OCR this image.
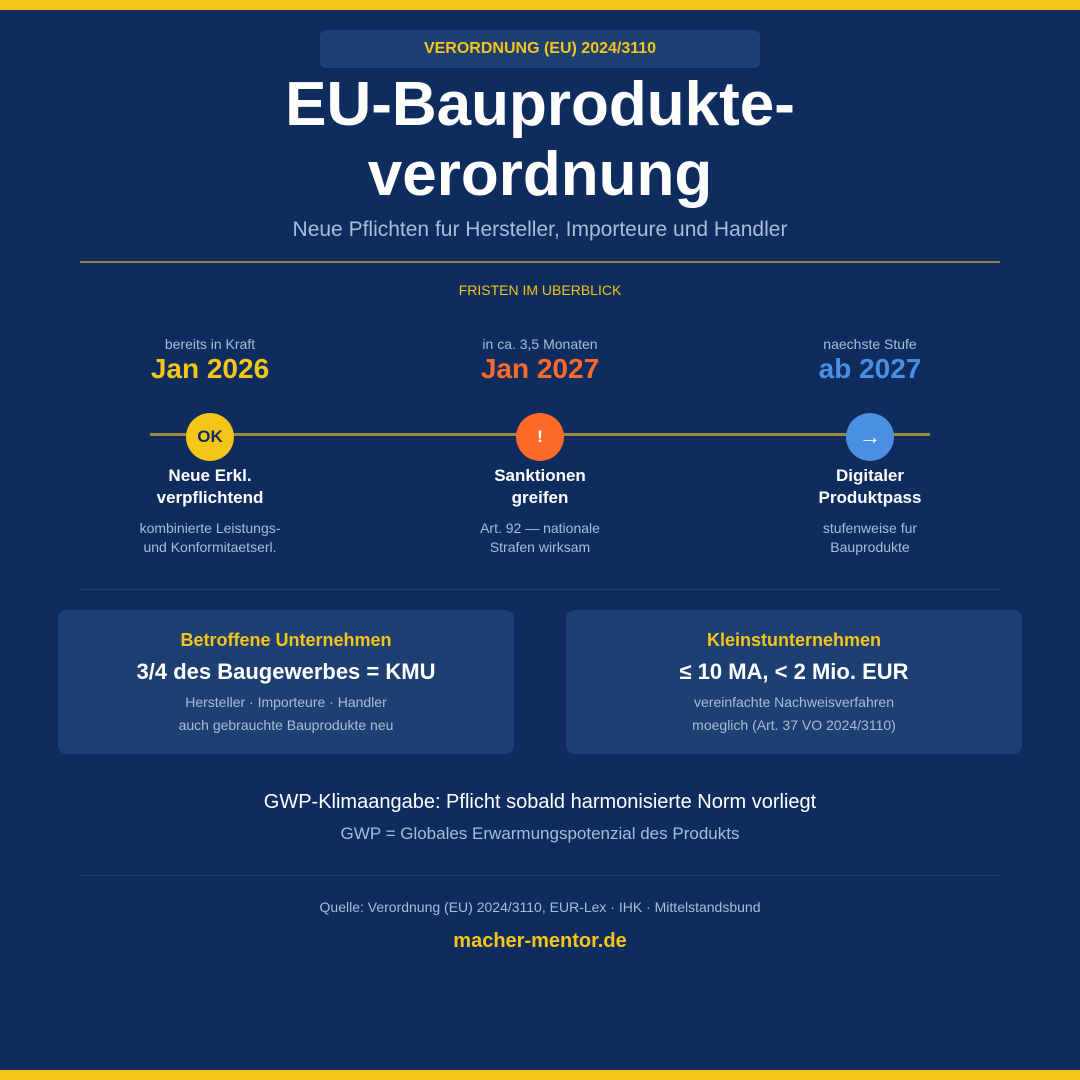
VERORDNUNG (EU) 2024/3110
EU-Bauprodukte-
verordnung
Neue Pflichten fur Hersteller, Importeure und Handler
FRISTEN IM UBERBLICK
bereits in Kraft
Jan 2026
OK
Neue Erkl.
verpflichtend
kombinierte Leistungs-
und Konformitaetserl.
in ca. 3,5 Monaten
Jan 2027
!
Sanktionen
greifen
Art. 92 — nationale
Strafen wirksam
naechste Stufe
ab 2027
→
Digitaler
Produktpass
stufenweise fur
Bauprodukte
Betroffene Unternehmen
3/4 des Baugewerbes = KMU
Hersteller · Importeure · Handler
auch gebrauchte Bauprodukte neu
Kleinstunternehmen
≤ 10 MA, < 2 Mio. EUR
vereinfachte Nachweisverfahren
moeglich (Art. 37 VO 2024/3110)
GWP-Klimaangabe: Pflicht sobald harmonisierte Norm vorliegt
GWP = Globales Erwarmungspotenzial des Produkts
Quelle: Verordnung (EU) 2024/3110, EUR-Lex · IHK · Mittelstandsbund
macher-mentor.de
